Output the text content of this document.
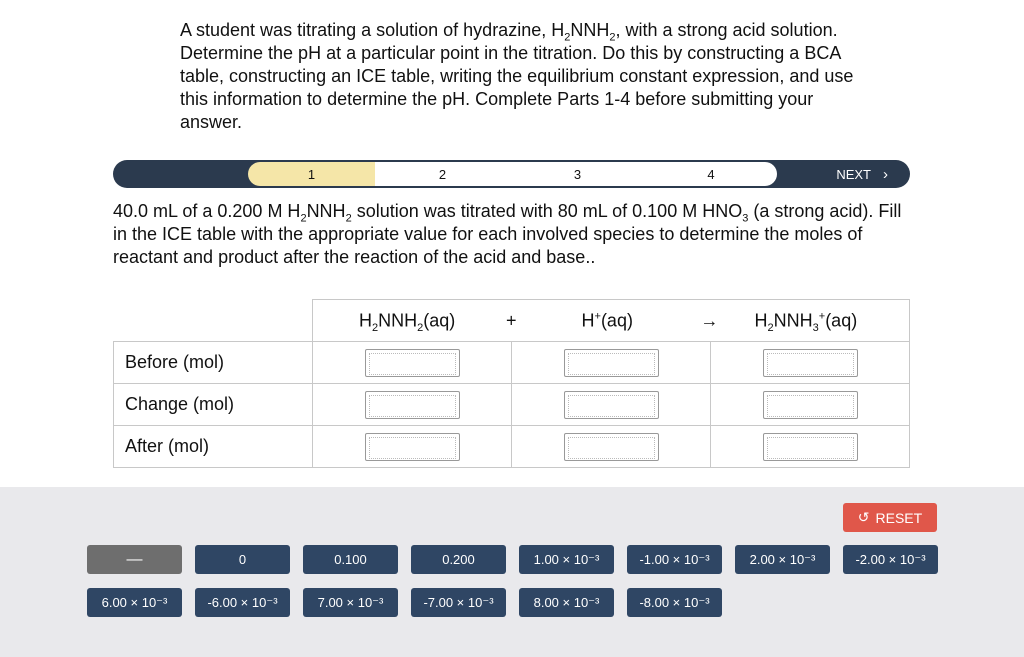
A student was titrating a solution of hydrazine, $H_2NNH_2$, with a strong acid solution. Determine the pH at a particular point in the titration. Do this by constructing a BCA table, constructing an ICE table, writing the equilibrium constant expression, and use this information to determine the pH. Complete Parts 1-4 before submitting your answer.
1	2	3	4	NEXT ›
40.0 mL of a 0.200 M $H_2NNH_2$ solution was titrated with 80 mL of 0.100 M $HNO_3$ (a strong acid). Fill in the ICE table with the appropriate value for each involved species to determine the moles of reactant and product after the reaction of the acid and base..

	$H_2NNH_2(aq)$ +	H+(aq) →	$H_2NNH_3^+(aq)$

Before (mol)			
Change (mol)			
After (mol)			
↺ RESET
—	0	0.100	0.200	1.00 × 10⁻³	-1.00 × 10⁻³	2.00 × 10⁻³	-2.00 × 10⁻³
6.00 × 10⁻³	-6.00 × 10⁻³	7.00 × 10⁻³	-7.00 × 10⁻³	8.00 × 10⁻³	-8.00 × 10⁻³
